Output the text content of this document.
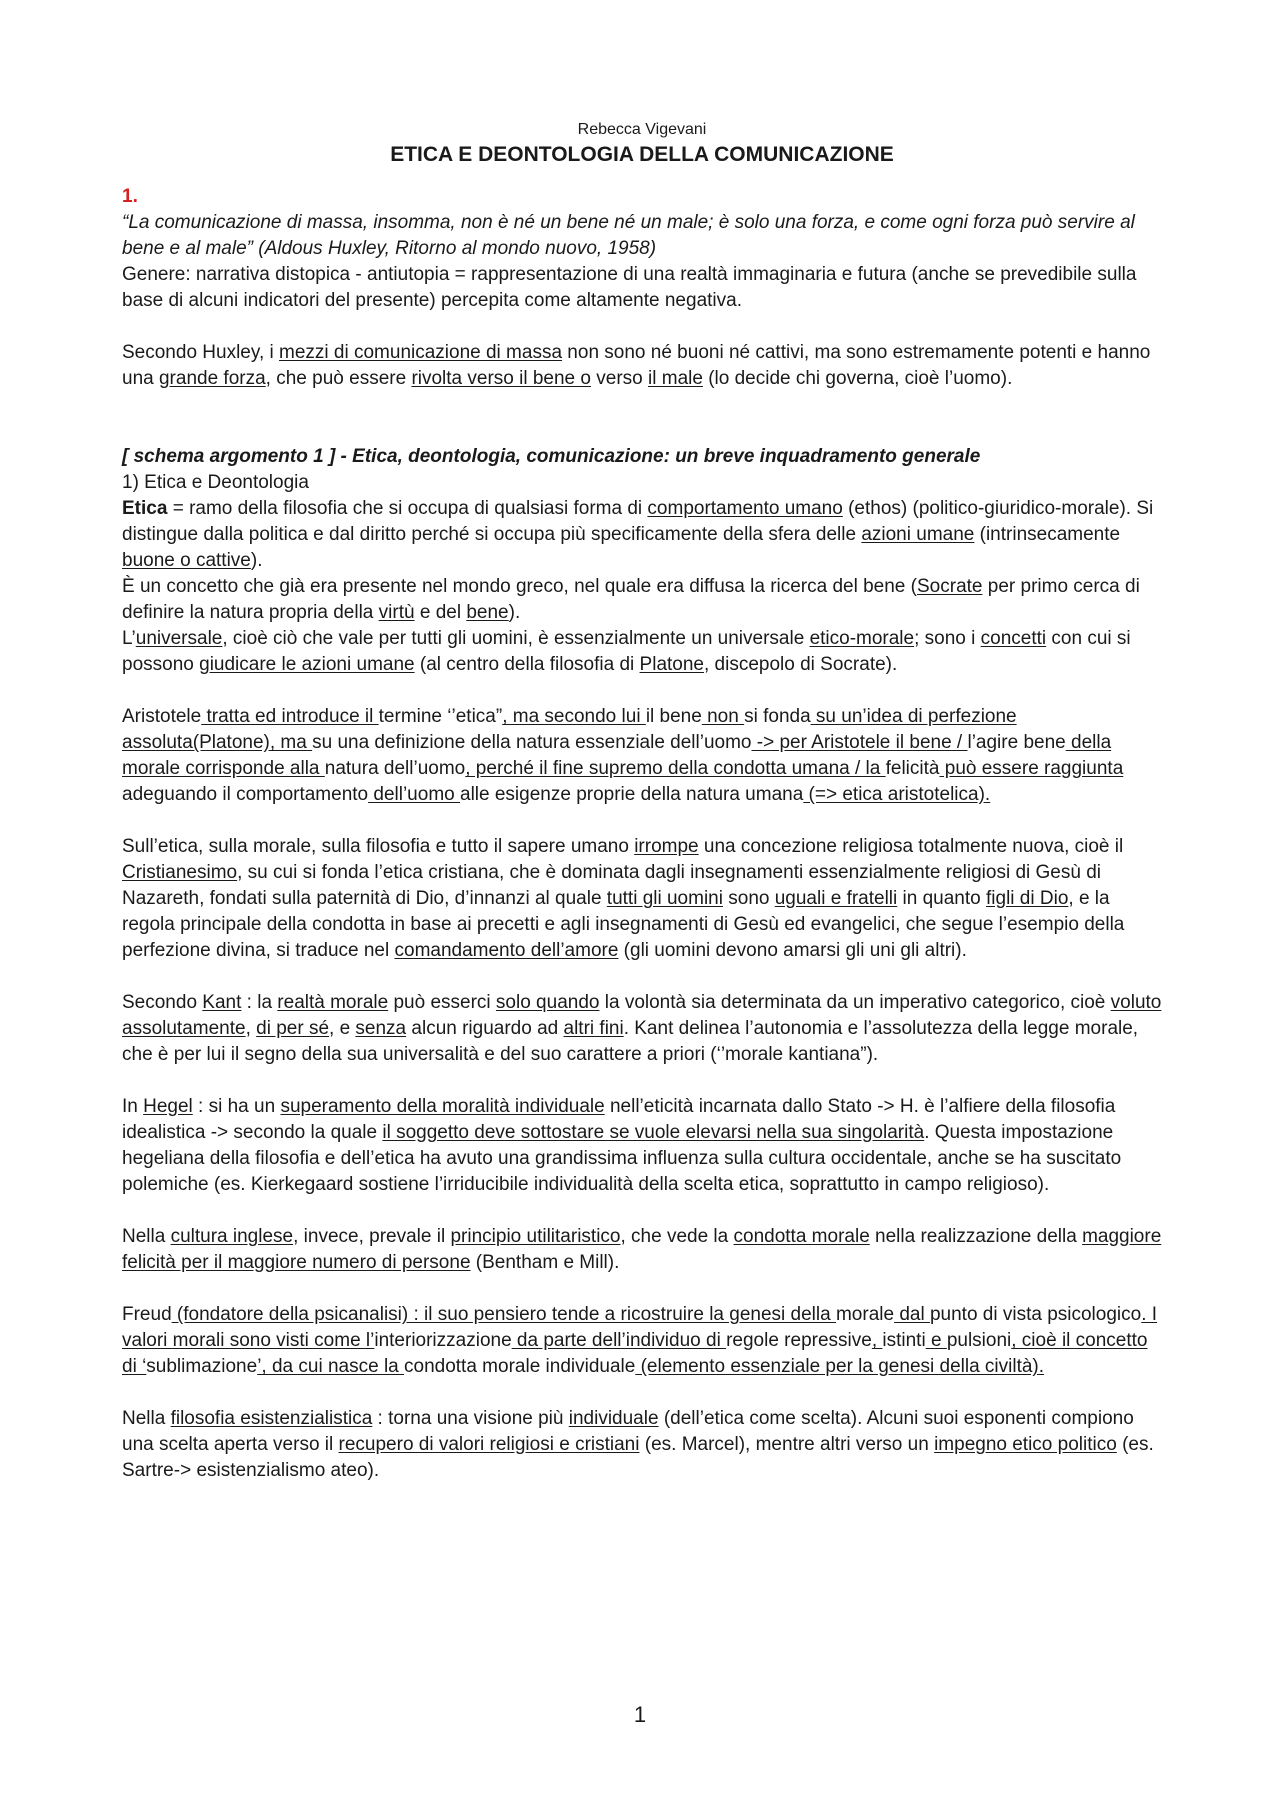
Rebecca Vigevani
ETICA E DEONTOLOGIA DELLA COMUNICAZIONE
1.
“La comunicazione di massa, insomma, non è né un bene né un male; è solo una forza, e come ogni forza può servire al bene e al male” (Aldous Huxley, Ritorno al mondo nuovo, 1958)

Genere: narrativa distopica - antiutopia = rappresentazione di una realtà immaginaria e futura (anche se prevedibile sulla base di alcuni indicatori del presente) percepita come altamente negativa.

Secondo Huxley, i mezzi di comunicazione di massa non sono né buoni né cattivi, ma sono estremamente potenti e hanno una grande forza, che può essere rivolta verso il bene o verso il male (lo decide chi governa, cioè l’uomo).

[ schema argomento 1 ] - Etica, deontologia, comunicazione: un breve inquadramento generale
1) Etica e Deontologia
Etica = ramo della filosofia che si occupa di qualsiasi forma di comportamento umano (ethos) (politico-giuridico-morale). Si distingue dalla politica e dal diritto perché si occupa più specificamente della sfera delle azioni umane (intrinsecamente buone o cattive).
È un concetto che già era presente nel mondo greco, nel quale era diffusa la ricerca del bene (Socrate per primo cerca di definire la natura propria della virtù e del bene).

L’universale, cioè ciò che vale per tutti gli uomini, è essenzialmente un universale etico-morale; sono i concetti con cui si possono giudicare le azioni umane (al centro della filosofia di Platone, discepolo di Socrate).

Aristotele tratta ed introduce il termine ‘’etica”, ma secondo lui il bene non si fonda su un’idea di perfezione assoluta(Platone), ma su una definizione della natura essenziale dell’uomo -> per Aristotele il bene / l’agire bene della morale corrisponde alla natura dell’uomo, perché il fine supremo della condotta umana / la felicità può essere raggiunta adeguando il comportamento dell’uomo alle esigenze proprie della natura umana (=> etica aristotelica).

Sull’etica, sulla morale, sulla filosofia e tutto il sapere umano irrompe una concezione religiosa totalmente nuova, cioè il Cristianesimo, su cui si fonda l’etica cristiana, che è dominata dagli insegnamenti essenzialmente religiosi di Gesù di Nazareth, fondati sulla paternità di Dio, d’innanzi al quale tutti gli uomini sono uguali e fratelli in quanto figli di Dio, e la regola principale della condotta in base ai precetti e agli insegnamenti di Gesù ed evangelici, che segue l’esempio della perfezione divina, si traduce nel comandamento dell’amore (gli uomini devono amarsi gli uni gli altri).

Secondo Kant : la realtà morale può esserci solo quando la volontà sia determinata da un imperativo categorico, cioè voluto assolutamente, di per sé, e senza alcun riguardo ad altri fini. Kant delinea l’autonomia e l’assolutezza della legge morale, che è per lui il segno della sua universalità e del suo carattere a priori (‘’morale kantiana”).

In Hegel : si ha un superamento della moralità individuale nell’eticità incarnata dallo Stato -> H. è l’alfiere della filosofia idealistica -> secondo la quale il soggetto deve sottostare se vuole elevarsi nella sua singolarità. Questa impostazione hegeliana della filosofia e dell’etica ha avuto una grandissima influenza sulla cultura occidentale, anche se ha suscitato polemiche (es. Kierkegaard sostiene l’irriducibile individualità della scelta etica, soprattutto in campo religioso).

Nella cultura inglese, invece, prevale il principio utilitaristico, che vede la condotta morale nella realizzazione della maggiore felicità per il maggiore numero di persone (Bentham e Mill).

Freud (fondatore della psicanalisi) : il suo pensiero tende a ricostruire la genesi della morale dal punto di vista psicologico. I valori morali sono visti come l’interiorizzazione da parte dell’individuo di regole repressive, istinti e pulsioni, cioè il concetto di ‘sublimazione’, da cui nasce la condotta morale individuale (elemento essenziale per la genesi della civiltà).

Nella filosofia esistenzialistica : torna una visione più individuale (dell’etica come scelta). Alcuni suoi esponenti compiono una scelta aperta verso il recupero di valori religiosi e cristiani (es. Marcel), mentre altri verso un impegno etico politico (es. Sartre-> esistenzialismo ateo).

1
